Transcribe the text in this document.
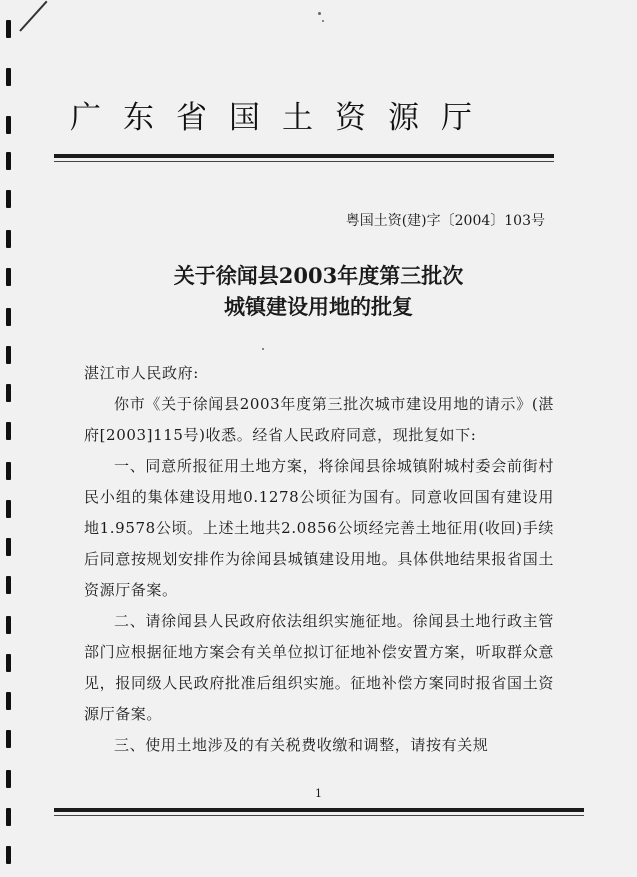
广东省国土资源厅
粤国土资(建)字〔2004〕103号
关于徐闻县2003年度第三批次
城镇建设用地的批复

湛江市人民政府:

你市《关于徐闻县2003年度第三批次城市建设用地的请示》(湛府[2003]115号)收悉。经省人民政府同意，现批复如下:

一、同意所报征用土地方案，将徐闻县徐城镇附城村委会前街村民小组的集体建设用地0.1278公顷征为国有。同意收回国有建设用地1.9578公顷。上述土地共2.0856公顷经完善土地征用(收回)手续后同意按规划安排作为徐闻县城镇建设用地。具体供地结果报省国土资源厅备案。

二、请徐闻县人民政府依法组织实施征地。徐闻县土地行政主管部门应根据征地方案会有关单位拟订征地补偿安置方案，听取群众意见，报同级人民政府批准后组织实施。征地补偿方案同时报省国土资源厅备案。

三、使用土地涉及的有关税费收缴和调整，请按有关规

1
